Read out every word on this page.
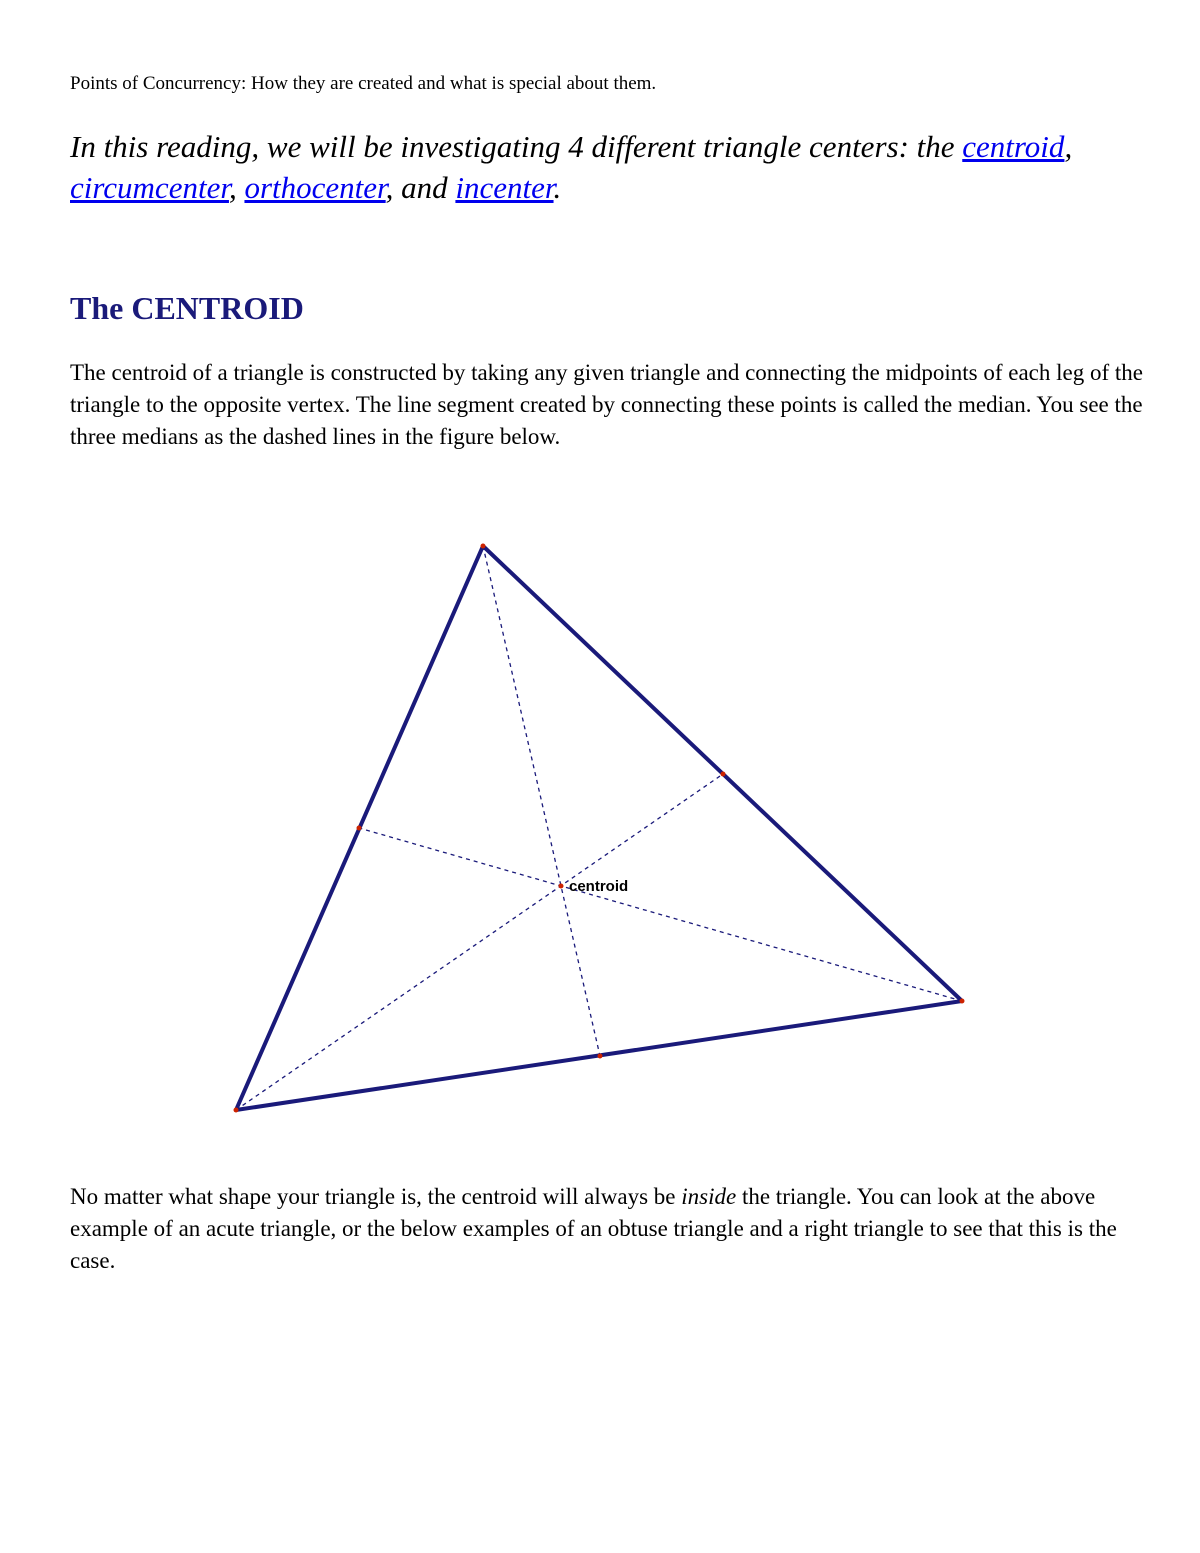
Points of Concurrency: How they are created and what is special about them.
In this reading, we will be investigating 4 different triangle centers: the centroid, circumcenter, orthocenter, and incenter.
The CENTROID

The centroid of a triangle is constructed by taking any given triangle and connecting the midpoints of each leg of the triangle to the opposite vertex. The line segment created by connecting these points is called the median. You see the three medians as the dashed lines in the figure below.

centroid

No matter what shape your triangle is, the centroid will always be inside the triangle. You can look at the above example of an acute triangle, or the below examples of an obtuse triangle and a right triangle to see that this is the case.
